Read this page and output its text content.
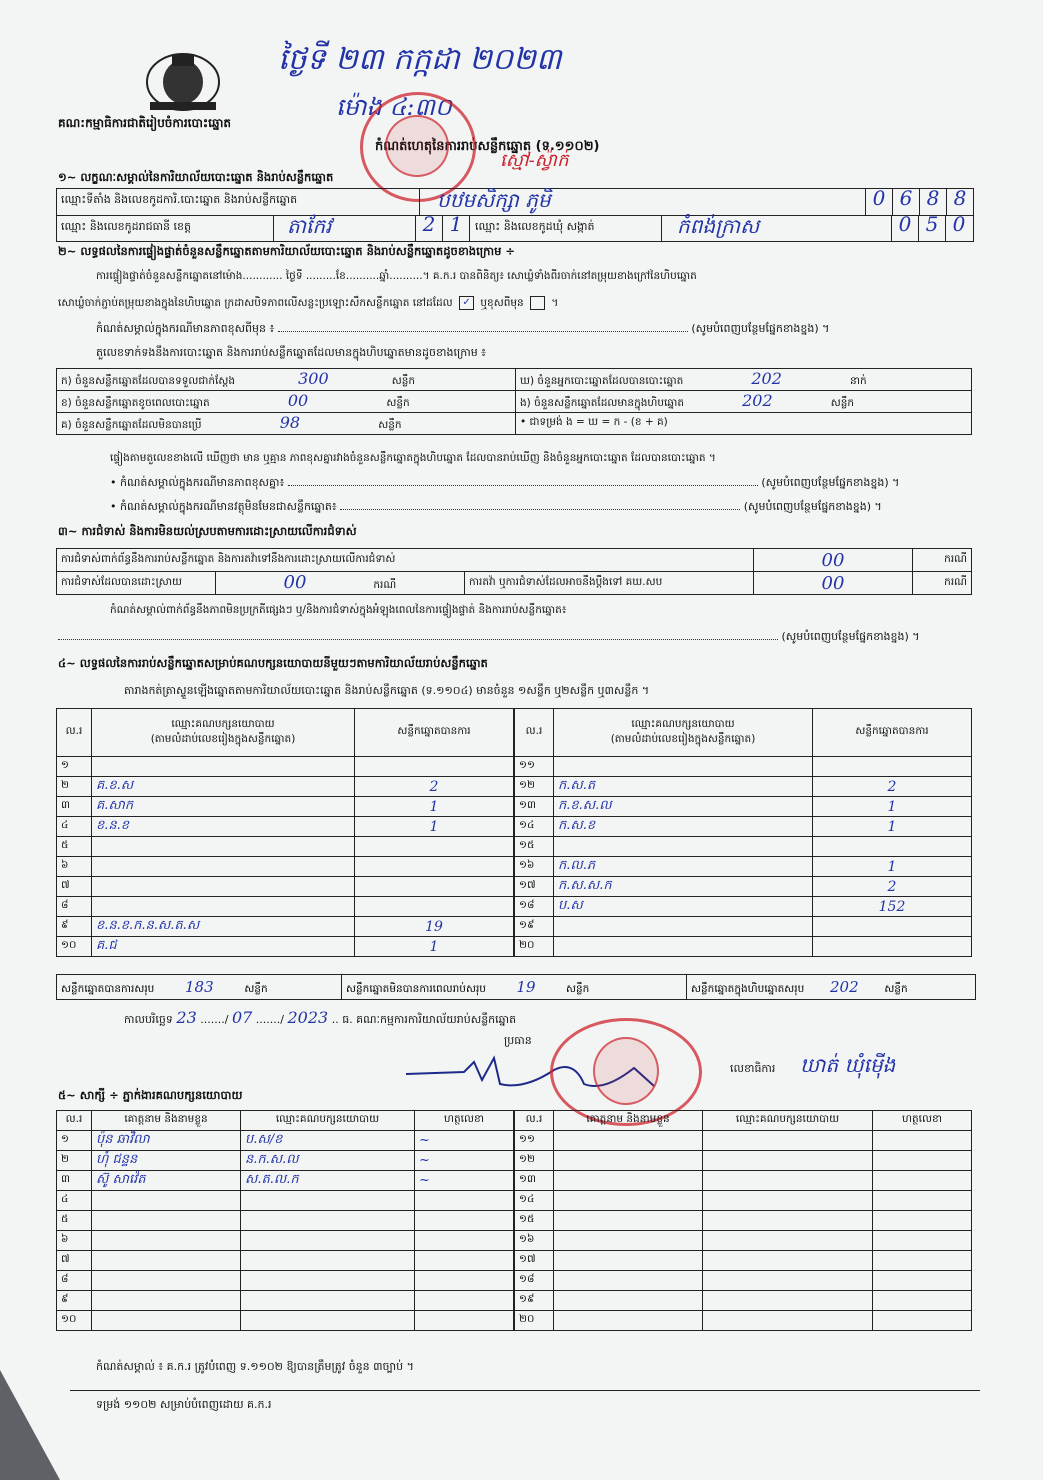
ថ្ងៃទី ២៣ កក្កដា ២០២៣
ម៉ោង ៤:៣០
គណ:កម្មាធិការជាតិរៀបចំការបោះឆ្នោត
កំណត់ហេតុនៃការរាប់សន្លឹកឆ្នោត (ទ.១១០២)
ស្មៅ-ស្វ៉ាក់
១~ លក្ខណៈសម្គាល់នៃការិយាល័យបោះឆ្នោត និងរាប់សន្លឹកឆ្នោត
ឈ្មោះទីតាំង និងលេខកូដការិ.បោះឆ្នោត និងរាប់សន្លឹកឆ្នោត	បឋមសិក្សា ភូមិ	0 6 8 8
ឈ្មោះ និងលេខកូដរាជធានី ខេត្ត	តាកែវ	2 1	ឈ្មោះ និងលេខកូដឃុំ សង្កាត់	កំពង់ក្រាស	0 5 0
២~ លទ្ធផលនៃការផ្ទៀងផ្ទាត់ចំនួនសន្លឹកឆ្នោតតាមការិយាល័យបោះឆ្នោត និងរាប់សន្លឹកឆ្នោតដូចខាងក្រោម ÷
ការផ្ទៀងផ្ទាត់ចំនួនសន្លឹកឆ្នោតនៅម៉ោង............ ថ្ងៃទី .........ខែ..........ឆ្នាំ..........។ គ.ក.រ បានពិនិត្យ៖ សោឃ្លំទាំងពីរចាក់នៅតម្រុយខាងក្រៅនៃហិបឆ្នោត
សោឃ្លំចាក់ភ្ជាប់តម្រុយខាងក្នុងនៃហិបឆ្នោត ក្រដាសបិទភាពលើសន្លះប្រឡោះសឹកសន្លឹកឆ្នោត នៅដដែល ✓ ឬខុសពីមុន  ។
កំណត់សម្គាល់ក្នុងករណីមានភាពខុសពីមុន ៖	(សូមបំពេញបន្ថែមផ្នែកខាងខ្នង) ។
តួលេខទាក់ទងនឹងការបោះឆ្នោត និងការរាប់សន្លឹកឆ្នោតដែលមានក្នុងហិបឆ្នោតមានដូចខាងក្រោម ៖
ក) ចំនួនសន្លឹកឆ្នោតដែលបានទទួលជាក់ស្តែង 300 សន្លឹក	ឃ) ចំនួនអ្នកបោះឆ្នោតដែលបានបោះឆ្នោត 202 នាក់
ខ) ចំនួនសន្លឹកឆ្នោតខូចពេលបោះឆ្នោត 00 សន្លឹក	ង) ចំនួនសន្លឹកឆ្នោតដែលមានក្នុងហិបឆ្នោត 202 សន្លឹក
គ) ចំនួនសន្លឹកឆ្នោតដែលមិនបានប្រើ 98 សន្លឹក	• ជាទម្រង់ ង = ឃ = ក - (ខ + គ)
ផ្ទៀងតាមតួលេខខាងលើ ឃើញថា មាន ឬគ្មាន ភាពខុសគ្នារវាងចំនួនសន្លឹកឆ្នោតក្នុងហិបឆ្នោត ដែលបានរាប់ឃើញ និងចំនួនអ្នកបោះឆ្នោត ដែលបានបោះឆ្នោត ។
• កំណត់សម្គាល់ក្នុងករណីមានភាពខុសគ្នា៖	(សូមបំពេញបន្ថែមផ្នែកខាងខ្នង) ។
• កំណត់សម្គាល់ក្នុងករណីមានវត្ថុមិនមែនជាសន្លឹកឆ្នោត៖	(សូមបំពេញបន្ថែមផ្នែកខាងខ្នង) ។
៣~ ការជំទាស់ និងការមិនយល់ស្របតាមការដោះស្រាយលើការជំទាស់
ការជំទាស់ពាក់ព័ន្ធនឹងការរាប់សន្លឹកឆ្នោត និងការតវ៉ាទៅនឹងការដោះស្រាយលើការជំទាស់			00	ករណី
ការជំទាស់ដែលបានដោះស្រាយ	00 ករណី	ការតវ៉ា ឬការជំទាស់ដែលអាចនឹងប្តឹងទៅ គឃ.សប	00	ករណី
កំណត់សម្គាល់ពាក់ព័ន្ធនឹងភាពមិនប្រក្រតីផ្សេងៗ ឬ/និងការជំទាស់ក្នុងអំឡុងពេលនៃការផ្ទៀងផ្ទាត់ និងការរាប់សន្លឹកឆ្នោត៖
(សូមបំពេញបន្ថែមផ្នែកខាងខ្នង) ។
៤~ លទ្ធផលនៃការរាប់សន្លឹកឆ្នោតសម្រាប់គណបក្សនយោបាយនីមួយៗតាមការិយាល័យរាប់សន្លឹកឆ្នោត
តារាងកត់ត្រាស្ទួនឡើងឆ្នោតតាមការិយាល័យបោះឆ្នោត និងរាប់សន្លឹកឆ្នោត (ទ.១១០៤) មានចំនួន ១សន្លឹក ឬ២សន្លឹក ឬ៣សន្លឹក ។
ល.រ	ឈ្មោះគណបក្សនយោបាយ
(តាមលំដាប់លេខរៀងក្នុងសន្លឹកឆ្នោត)	សន្លឹកឆ្នោតបានការ
១		
២	គ.ខ.ស	2
៣	គ.សាក	1
៤	ខ.ន.ខ	1
៥		
៦		
៧		
៨		
៩	ខ.ន.ខ.ក.ន.ស.ត.ស	19
១០	គ.ជ	1
ល.រ	ឈ្មោះគណបក្សនយោបាយ
(តាមលំដាប់លេខរៀងក្នុងសន្លឹកឆ្នោត)	សន្លឹកឆ្នោតបានការ
១១		
១២	ក.ស.ត	2
១៣	ក.ខ.ស.ល	1
១៤	ក.ស.ខ	1
១៥		
១៦	ក.ល.ភ	1
១៧	ក.ស.ស.ក	2
១៨	ប.ស	152
១៩		
២០		
សន្លឹកឆ្នោតបានការសរុប 183	សន្លឹក	សន្លឹកឆ្នោតមិនបានការពេលរាប់សរុប 19	សន្លឹក	សន្លឹកឆ្នោតក្នុងហិបឆ្នោតសរុប 202 សន្លឹក
កាលបរិច្ឆេទ 23 ......./ 07 ......./ 2023 .. ធ. គណៈកម្មការការិយាល័យរាប់សន្លឹកឆ្នោត
ប្រធាន
លេខាធិការ ឃាត់ ឃុំម៉ើង
៥~ សាក្សី ÷ ភ្នាក់ងារគណបក្សនយោបាយ
ល.រ	គោត្តនាម និងនាមខ្លួន	ឈ្មោះគណបក្សនយោបាយ	ហត្ថលេខា
១	ប៉ុន ឆាវិលា	ប.ស/ខ	~
២	ហុំ ជន្ទន	ន.ក.ស.ល	~
៣	ស៊ូ សាវ៉េត	ស.ត.ល.ក	~
៤			
៥			
៦			
៧			
៨			
៩			
១០			
ល.រ	គោត្តនាម និងនាមខ្លួន	ឈ្មោះគណបក្សនយោបាយ	ហត្ថលេខា
១១			
១២			
១៣			
១៤			
១៥			
១៦			
១៧			
១៨			
១៩			
២០			
កំណត់សម្គាល់ ៖ គ.ក.រ ត្រូវបំពេញ ទ.១១០២ ឱ្យបានត្រឹមត្រូវ ចំនួន ៣ច្បាប់ ។
ទម្រង់ ១១០២ សម្រាប់បំពេញដោយ គ.ក.រ
